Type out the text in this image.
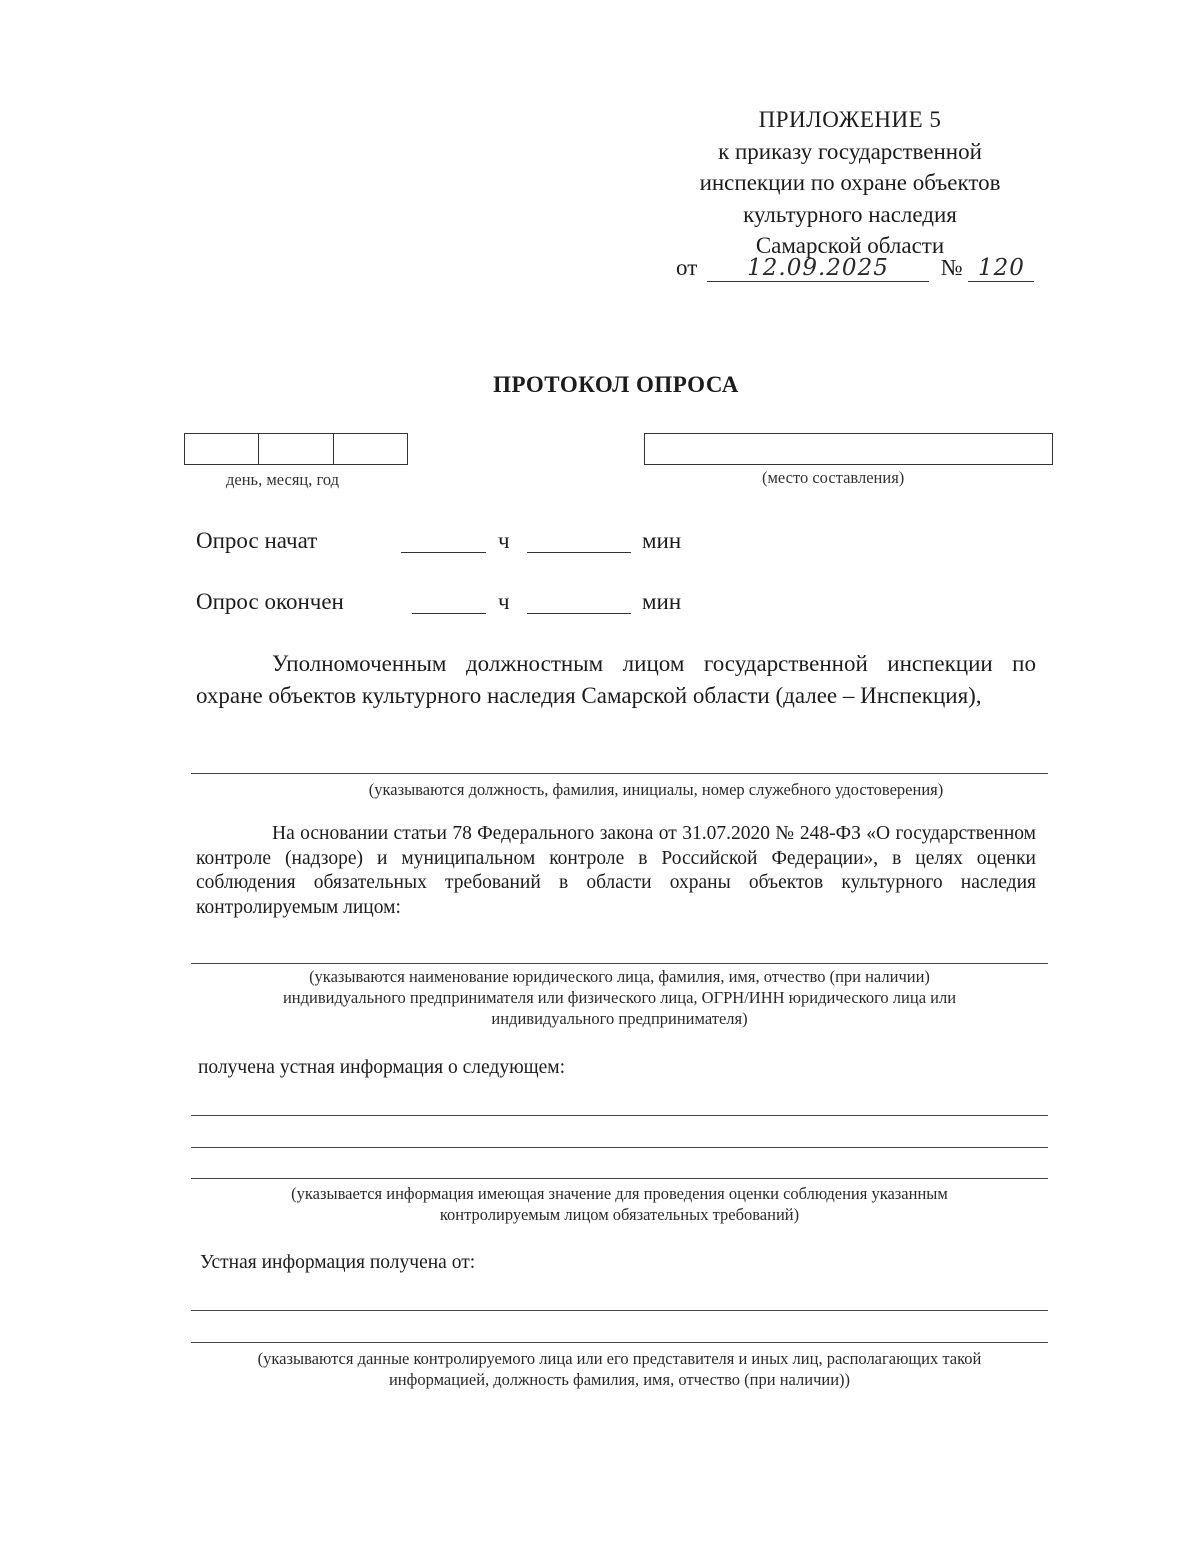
ПРИЛОЖЕНИЕ 5
к приказу государственной
инспекции по охране объектов
культурного наследия
Самарской области
от 12.09.2025 № 120
ПРОТОКОЛ ОПРОСА
день, месяц, год	(место составления)
Опрос начат	ч	мин
Опрос окончен	ч	мин
Уполномоченным должностным лицом государственной инспекции по охране объектов культурного наследия Самарской области (далее – Инспекция),
(указываются должность, фамилия, инициалы, номер служебного удостоверения)
На основании статьи 78 Федерального закона от 31.07.2020 № 248-ФЗ «О государственном контроле (надзоре) и муниципальном контроле в Российской Федерации», в целях оценки соблюдения обязательных требований в области охраны объектов культурного наследия контролируемым лицом:
(указываются наименование юридического лица, фамилия, имя, отчество (при наличии)
индивидуального предпринимателя или физического лица, ОГРН/ИНН юридического лица или
индивидуального предпринимателя)
получена устная информация о следующем:
(указывается информация имеющая значение для проведения оценки соблюдения указанным
контролируемым лицом обязательных требований)
Устная информация получена от:
(указываются данные контролируемого лица или его представителя и иных лиц, располагающих такой
информацией, должность фамилия, имя, отчество (при наличии))
